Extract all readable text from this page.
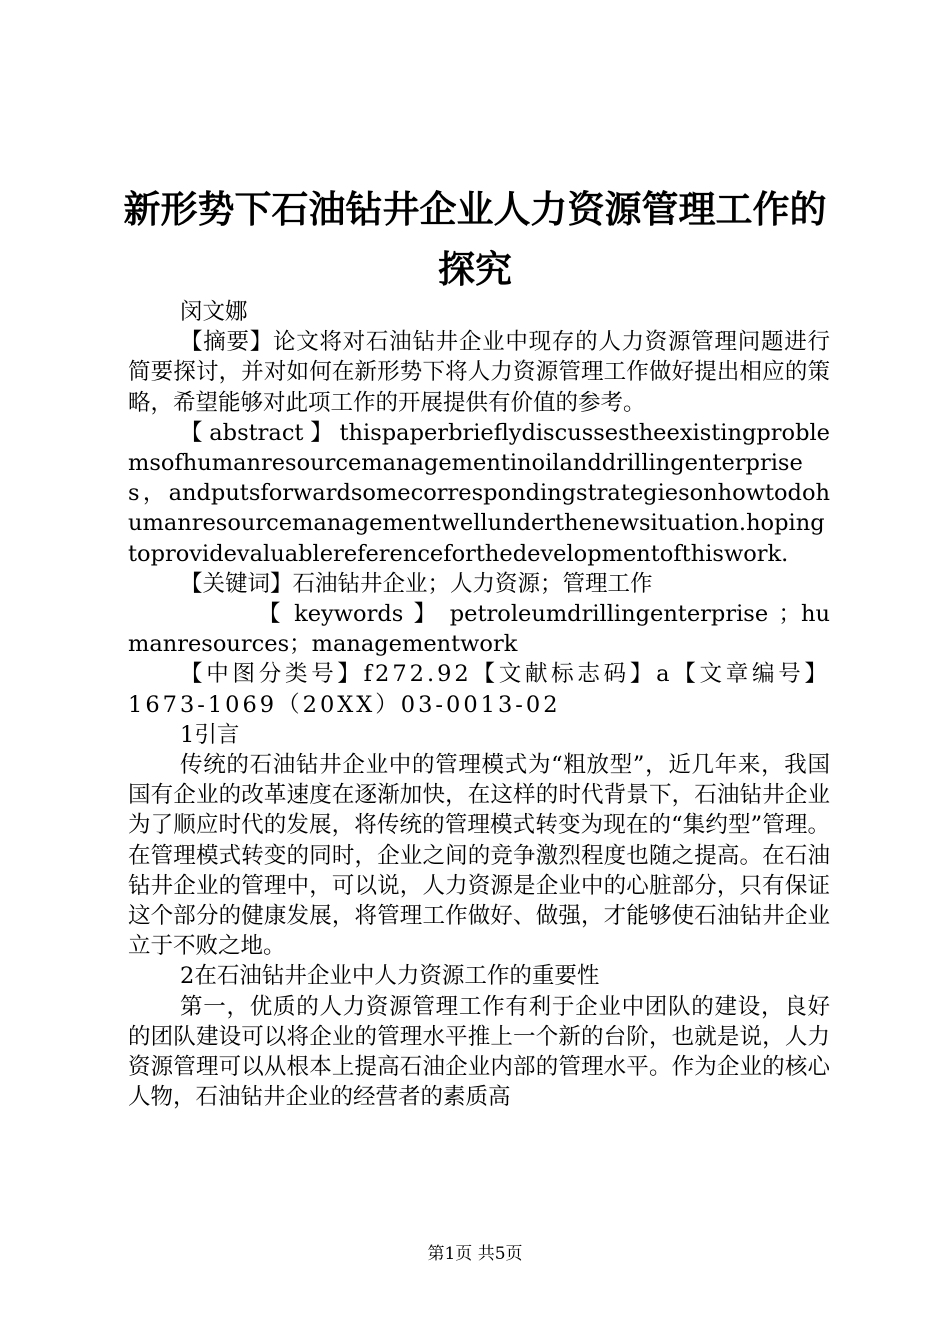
新形势下石油钻井企业人力资源管理工作的探究

闵文娜

【摘要】论文将对石油钻井企业中现存的人力资源管理问题进行简要探讨，并对如何在新形势下将人力资源管理工作做好提出相应的策略，希望能够对此项工作的开展提供有价值的参考。

【abstract】thispaperbrieflydiscussestheexistingproblemsofhumanresourcemanagementinoilanddrillingenterprises，andputsforwardsomecorrespondingstrategiesonhowtodohumanresourcemanagementwellunderthenewsituation.hopingtoprovidevaluablereferenceforthedevelopmentofthiswork.

【关键词】石油钻井企业；人力资源；管理工作

【 keywords 】 petroleumdrillingenterprise ；humanresources；managementwork

【中图分类号】f272.92【文献标志码】a【文章编号】1673-1069（20XX）03-0013-02

1引言

传统的石油钻井企业中的管理模式为“粗放型”，近几年来，我国国有企业的改革速度在逐渐加快，在这样的时代背景下，石油钻井企业为了顺应时代的发展，将传统的管理模式转变为现在的“集约型”管理。在管理模式转变的同时，企业之间的竞争激烈程度也随之提高。在石油钻井企业的管理中，可以说，人力资源是企业中的心脏部分，只有保证这个部分的健康发展，将管理工作做好、做强，才能够使石油钻井企业立于不败之地。

2在石油钻井企业中人力资源工作的重要性

第一，优质的人力资源管理工作有利于企业中团队的建设，良好的团队建设可以将企业的管理水平推上一个新的台阶，也就是说，人力资源管理可以从根本上提高石油企业内部的管理水平。作为企业的核心人物，石油钻井企业的经营者的素质高

第1页 共5页
